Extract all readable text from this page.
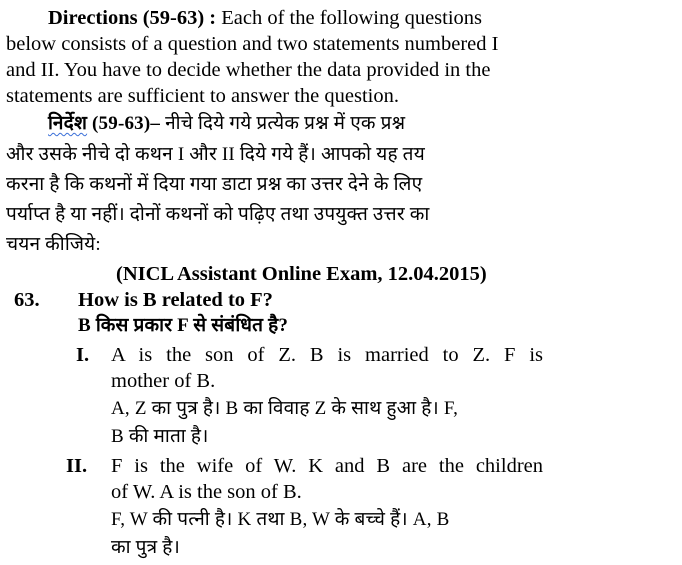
Directions (59-63) : Each of the following questions
below consists of a question and two statements numbered I
and II. You have to decide whether the data provided in the
statements are sufficient to answer the question.
निर्देश (59-63)– नीचे दिये गये प्रत्येक प्रश्न में एक प्रश्न
और उसके नीचे दो कथन I और II दिये गये हैं। आपको यह तय
करना है कि कथनों में दिया गया डाटा प्रश्न का उत्तर देने के लिए
पर्याप्त है या नहीं। दोनों कथनों को पढ़िए तथा उपयुक्त उत्तर का
चयन कीजिये:
(NICL Assistant Online Exam, 12.04.2015)
63. How is B related to F?
B किस प्रकार F से संबंधित है?
I. A is the son of Z. B is married to Z. F is
mother of B.
A, Z का पुत्र है। B का विवाह Z के साथ हुआ है। F,
B की माता है।
II. F is the wife of W. K and B are the children
of W. A is the son of B.
F, W की पत्नी है। K तथा B, W के बच्चे हैं। A, B
का पुत्र है।
